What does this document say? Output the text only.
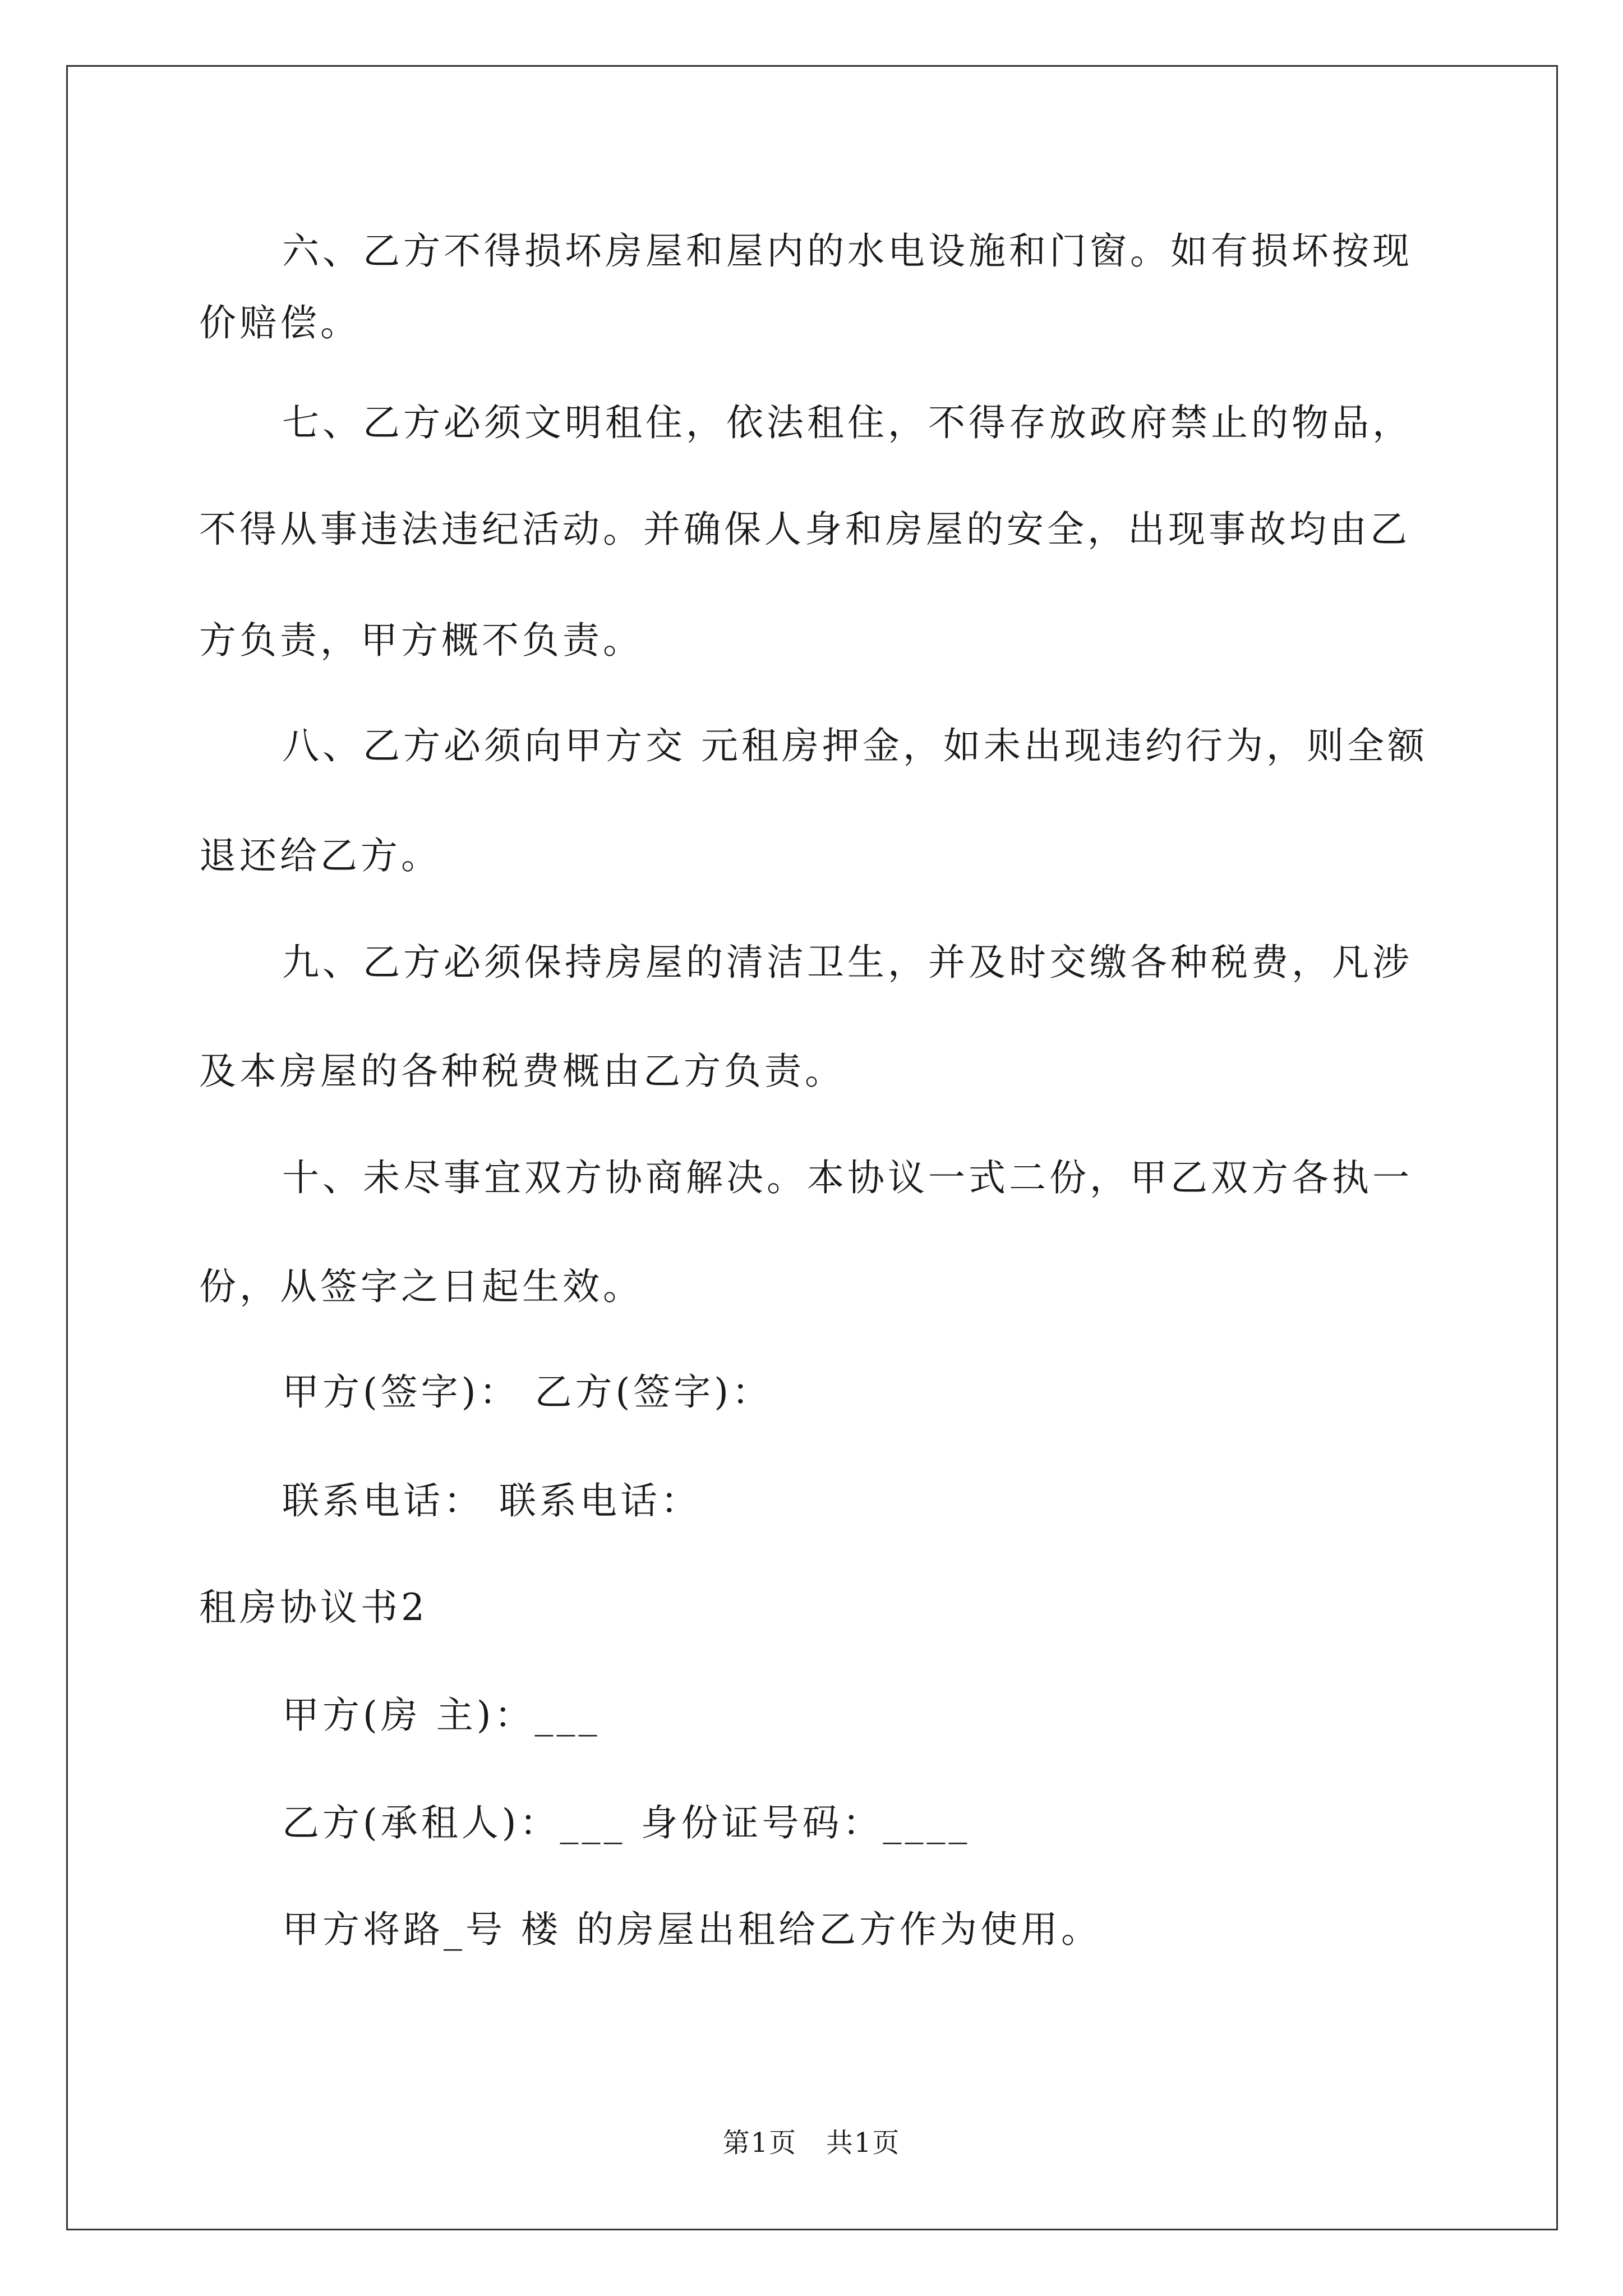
六、乙方不得损坏房屋和屋内的水电设施和门窗。如有损坏按现
价赔偿。
七、乙方必须文明租住，依法租住，不得存放政府禁止的物品，
不得从事违法违纪活动。并确保人身和房屋的安全，出现事故均由乙
方负责，甲方概不负责。
八、乙方必须向甲方交 元租房押金，如未出现违约行为，则全额
退还给乙方。
九、乙方必须保持房屋的清洁卫生，并及时交缴各种税费，凡涉
及本房屋的各种税费概由乙方负责。
十、未尽事宜双方协商解决。本协议一式二份，甲乙双方各执一
份，从签字之日起生效。
甲方(签字)： 乙方(签字)：
联系电话： 联系电话：
租房协议书2
甲方(房 主)：___
乙方(承租人)：___ 身份证号码：____
甲方将路_号 楼 的房屋出租给乙方作为使用。
第1页   共1页
